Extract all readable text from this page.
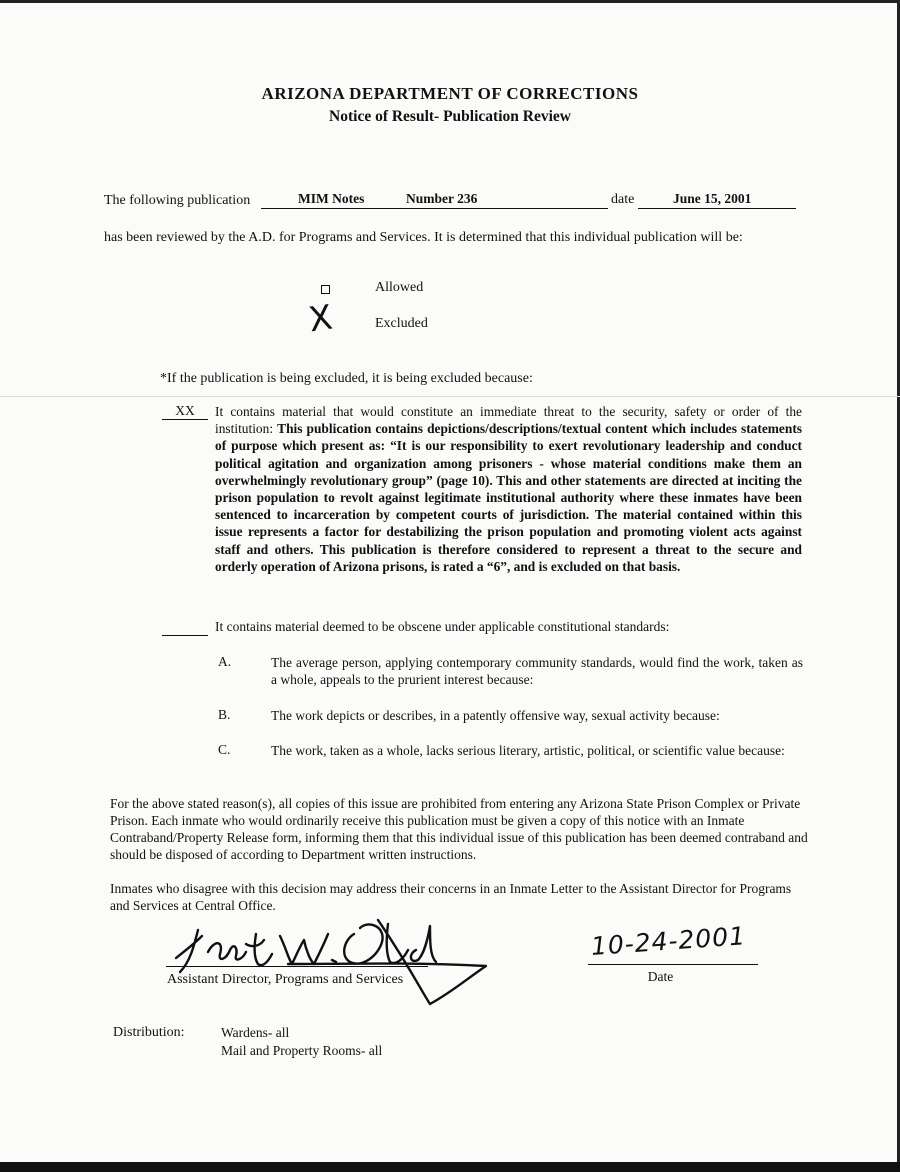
ARIZONA DEPARTMENT OF CORRECTIONS
Notice of Result- Publication Review
The following publication	MIM Notes	Number 236	date	June 15, 2001
has been reviewed by the A.D. for Programs and Services. It is determined that this individual publication will be:
Allowed
X	Excluded
*If the publication is being excluded, it is being excluded because:
XX	It contains material that would constitute an immediate threat to the security, safety or order of the institution: This publication contains depictions/descriptions/textual content which includes statements of purpose which present as: “It is our responsibility to exert revolutionary leadership and conduct political agitation and organization among prisoners - whose material conditions make them an overwhelmingly revolutionary group” (page 10). This and other statements are directed at inciting the prison population to revolt against legitimate institutional authority where these inmates have been sentenced to incarceration by competent courts of jurisdiction. The material contained within this issue represents a factor for destabilizing the prison population and promoting violent acts against staff and others. This publication is therefore considered to represent a threat to the secure and orderly operation of Arizona prisons, is rated a “6”, and is excluded on that basis.
It contains material deemed to be obscene under applicable constitutional standards:
A.	The average person, applying contemporary community standards, would find the work, taken as a whole, appeals to the prurient interest because:
B.	The work depicts or describes, in a patently offensive way, sexual activity because:
C.	The work, taken as a whole, lacks serious literary, artistic, political, or scientific value because:
For the above stated reason(s), all copies of this issue are prohibited from entering any Arizona State Prison Complex or Private Prison. Each inmate who would ordinarily receive this publication must be given a copy of this notice with an Inmate Contraband/Property Release form, informing them that this individual issue of this publication has been deemed contraband and should be disposed of according to Department written instructions.
Inmates who disagree with this decision may address their concerns in an Inmate Letter to the Assistant Director for Programs and Services at Central Office.
Assistant Director, Programs and Services
10-24-2001
Date
Distribution:	Wardens- all
Mail and Property Rooms- all
